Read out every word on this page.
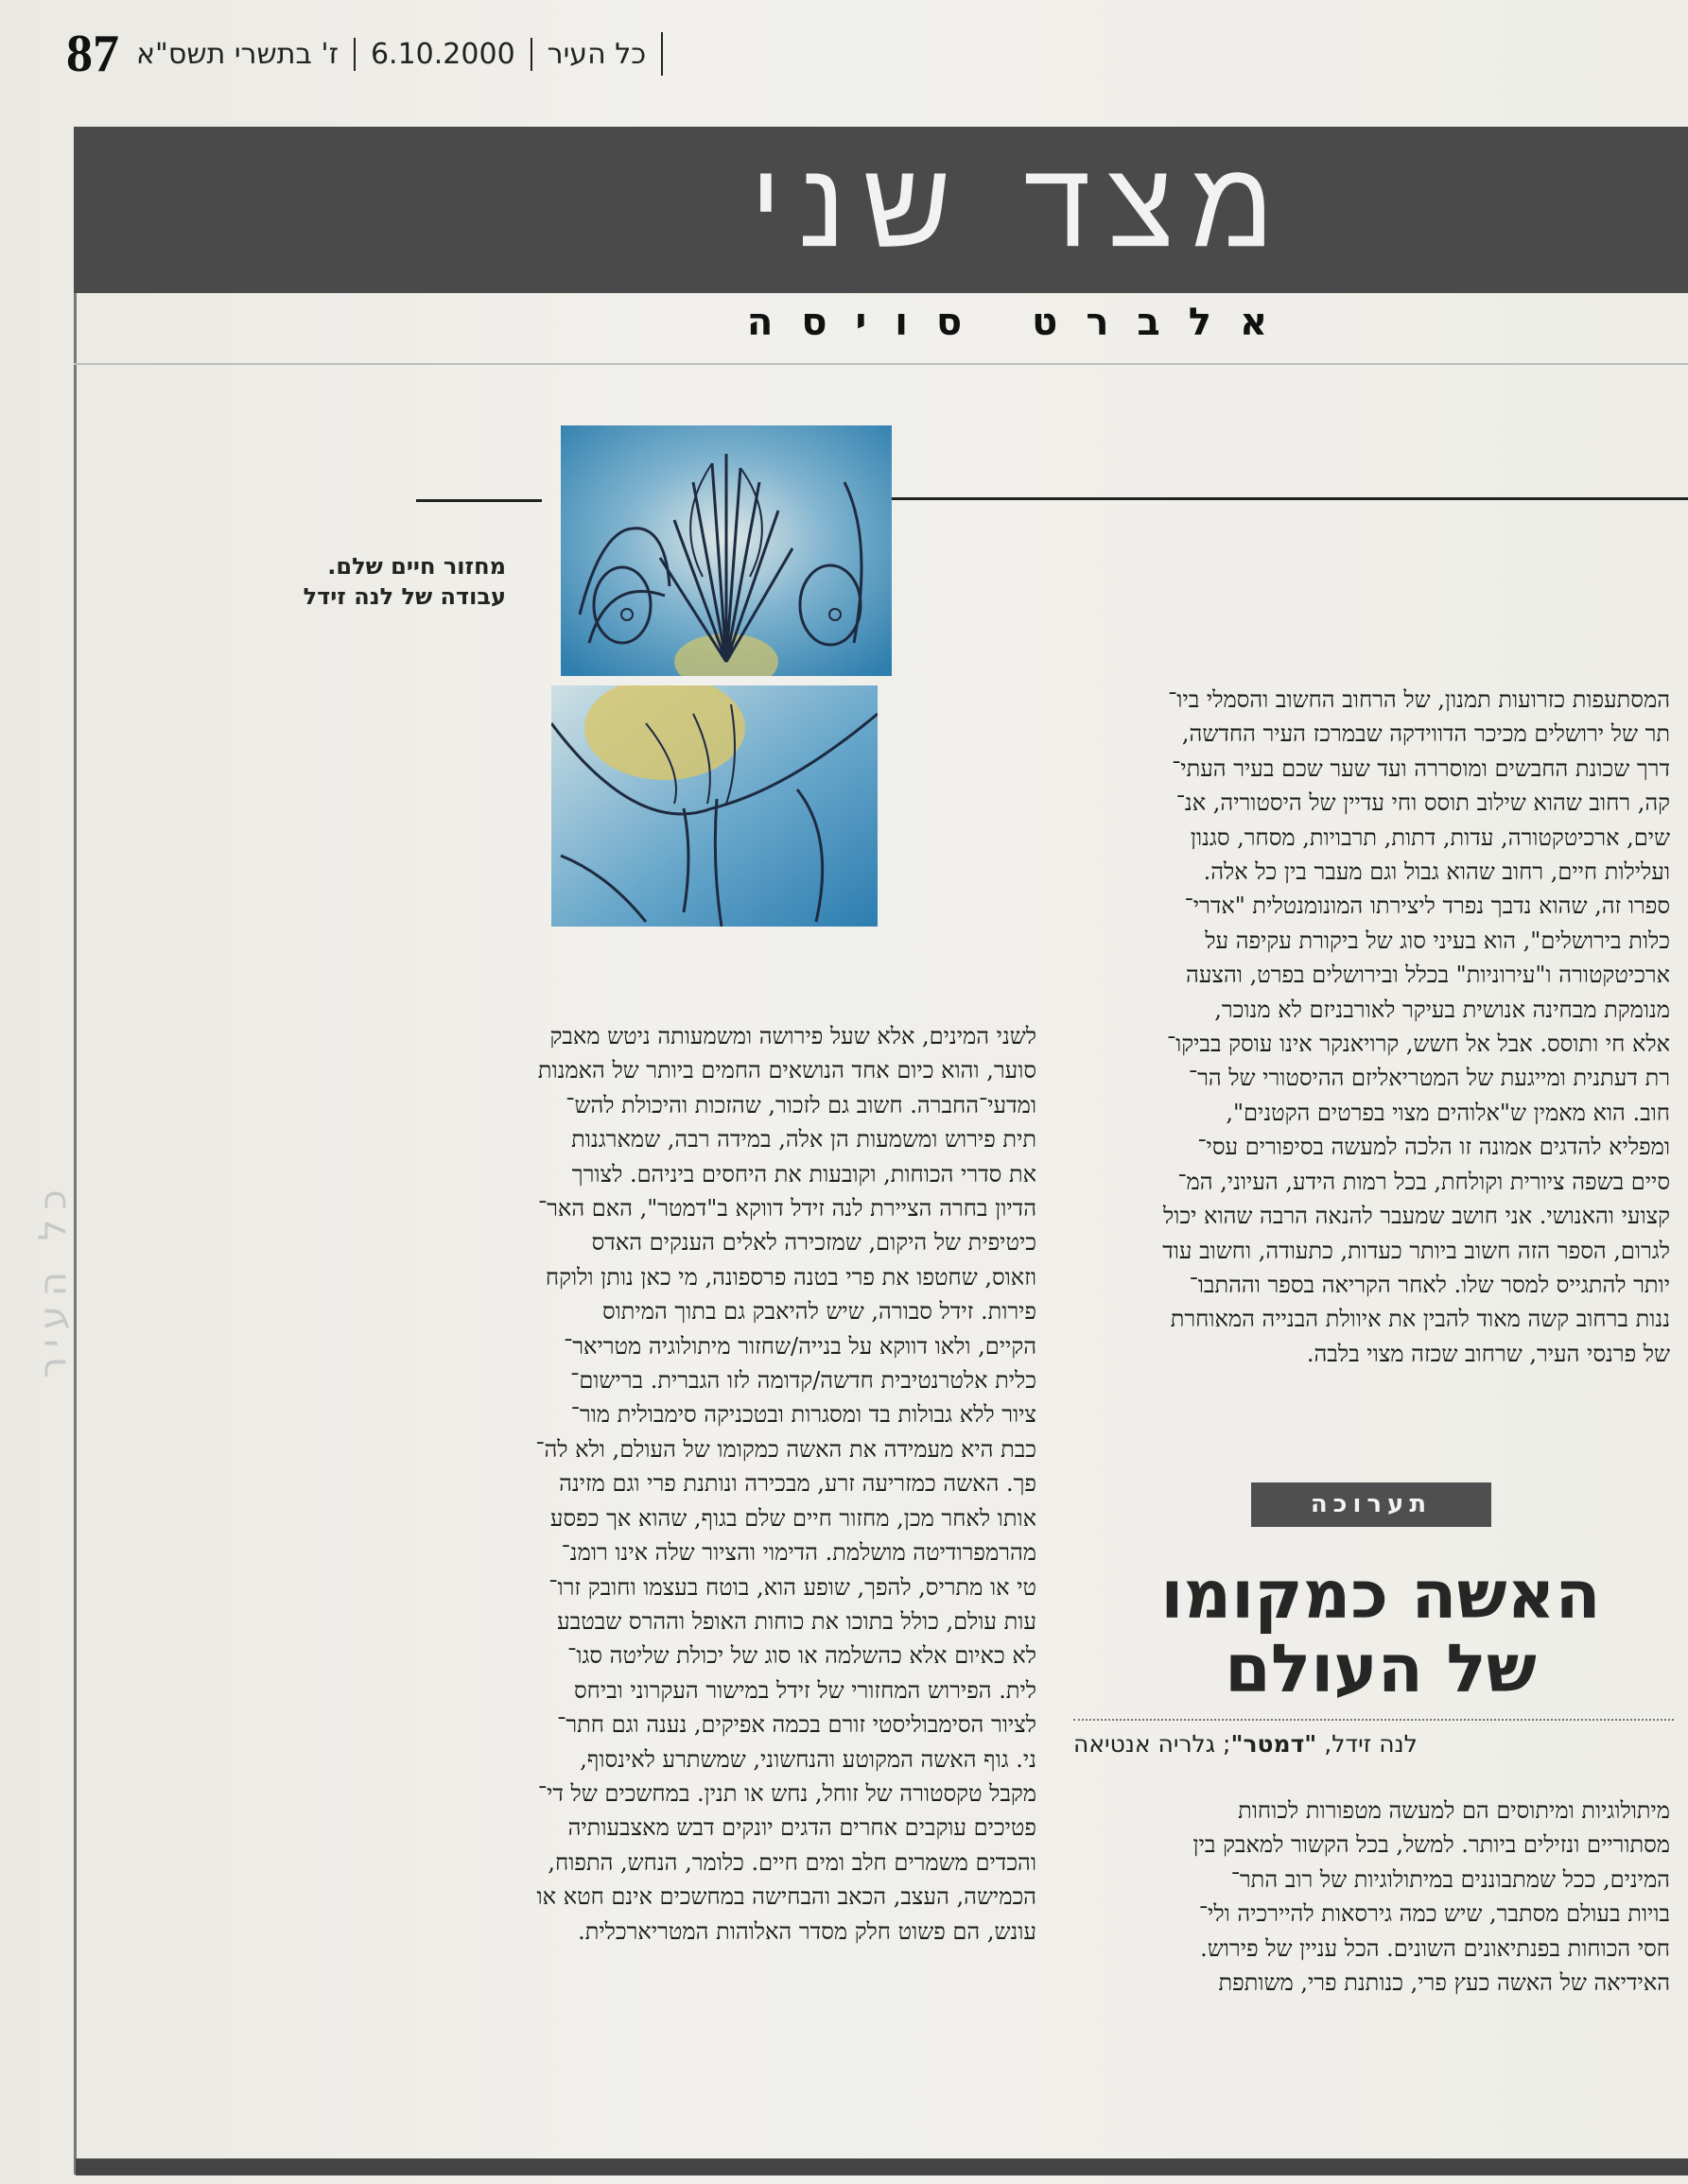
87 ז' בתשרי תשס"א	6.10.2000	כל העיר
מצד שני
אלברט סויסה
מחזור חיים שלם.
עבודה של לנה זידל

המסתעפות כזרועות תמנון, של הרחוב החשוב והסמלי ביו־

תר של ירושלים מכיכר הדווידקה שבמרכז העיר החדשה,

דרך שכונת החבשים ומוסררה ועד שער שכם בעיר העתי־

קה, רחוב שהוא שילוב תוסס וחי עדיין של היסטוריה, אנ־

שים, ארכיטקטורה, עדות, דתות, תרבויות, מסחר, סגנון

ועלילות חיים, רחוב שהוא גבול וגם מעבר בין כל אלה.

ספרו זה, שהוא נדבך נפרד ליצירתו המונומנטלית "אדרי־

כלות בירושלים", הוא בעיני סוג של ביקורת עקיפה על

ארכיטקטורה ו"עירוניות" בכלל ובירושלים בפרט, והצעה

מנומקת מבחינה אנושית בעיקר לאורבניזם לא מנוכר,

אלא חי ותוסס. אבל אל חשש, קרויאנקר אינו עוסק בביקו־

רת דעתנית ומייגעת של המטריאליזם ההיסטורי של הר־

חוב. הוא מאמין ש"אלוהים מצוי בפרטים הקטנים",

ומפליא להדגים אמונה זו הלכה למעשה בסיפורים עסי־

סיים בשפה ציורית וקולחת, בכל רמות הידע, העיוני, המ־

קצועי והאנושי. אני חושב שמעבר להנאה הרבה שהוא יכול

לגרום, הספר הזה חשוב ביותר כעדות, כתעודה, וחשוב עוד

יותר להתגייס למסר שלו. לאחר הקריאה בספר וההתבו־

ננות ברחוב קשה מאוד להבין את איוולת הבנייה המאוחרת

של פרנסי העיר, שרחוב שכזה מצוי בלבה.

תערוכה
האשה כמקומו
של העולם
לנה זידל, "דמטר"; גלריה אנטיאה

מיתולוגיות ומיתוסים הם למעשה מטפורות לכוחות

מסתוריים ונזילים ביותר. למשל, בכל הקשור למאבק בין

המינים, ככל שמתבוננים במיתולוגיות של רוב התר־

בויות בעולם מסתבר, שיש כמה גירסאות להיירכיה ולי־

חסי הכוחות בפנתיאונים השונים. הכל עניין של פירוש.

האידיאה של האשה כעץ פרי, כנותנת פרי, משותפת

לשני המינים, אלא שעל פירושה ומשמעותה ניטש מאבק

סוער, והוא כיום אחד הנושאים החמים ביותר של האמנות

ומדעי־החברה. חשוב גם לזכור, שהזכות והיכולת להש־

תית פירוש ומשמעות הן אלה, במידה רבה, שמארגנות

את סדרי הכוחות, וקובעות את היחסים ביניהם. לצורך

הדיון בחרה הציירת לנה זידל דווקא ב"דמטר", האם האר־

כיטיפית של היקום, שמזכירה לאלים הענקים האדס

וזאוס, שחטפו את פרי בטנה פרספונה, מי כאן נותן ולוקח

פירות. זידל סבורה, שיש להיאבק גם בתוך המיתוס

הקיים, ולאו דווקא על בנייה/שחזור מיתולוגיה מטריאר־

כלית אלטרנטיבית חדשה/קדומה לזו הגברית. ברישום־

ציור ללא גבולות בד ומסגרות ובטכניקה סימבולית מור־

כבת היא מעמידה את האשה כמקומו של העולם, ולא לה־

פך. האשה כמזריעה זרע, מבכירה ונותנת פרי וגם מזינה

אותו לאחר מכן, מחזור חיים שלם בגוף, שהוא אך כפסע

מהרמפרודיטה מושלמת. הדימוי והציור שלה אינו רומנ־

טי או מתריס, להפך, שופע הוא, בוטח בעצמו וחובק זרו־

עות עולם, כולל בתוכו את כוחות האופל וההרס שבטבע

לא כאיום אלא כהשלמה או סוג של יכולת שליטה סגו־

לית. הפירוש המחזורי של זידל במישור העקרוני וביחס

לציור הסימבוליסטי זורם בכמה אפיקים, נענה וגם חתר־

ני. גוף האשה המקוטע והנחשוני, שמשתרע לאינסוף,

מקבל טקסטורה של זוחל, נחש או תנין. במחשכים של די־

פטיכים עוקבים אחרים הדגים יונקים דבש מאצבעותיה

והכדים משמרים חלב ומים חיים. כלומר, הנחש, התפוח,

הכמישה, העצב, הכאב והבחישה במחשכים אינם חטא או

עונש, הם פשוט חלק מסדר האלוהות המטריארכלית.

כל העיר
